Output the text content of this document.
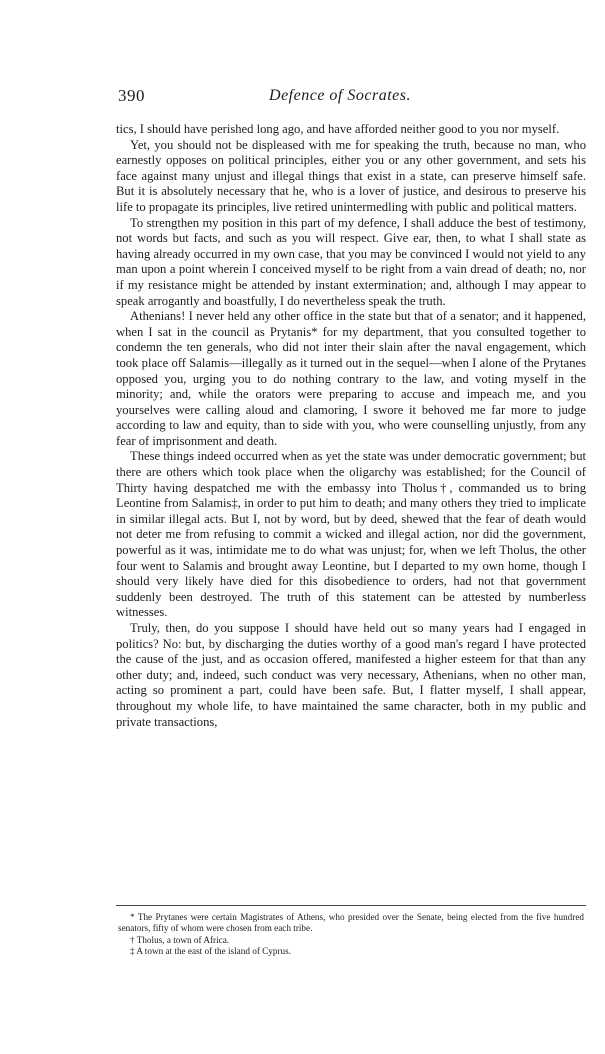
390	Defence of Socrates.

tics, I should have perished long ago, and have afforded neither good to you nor myself.

Yet, you should not be displeased with me for speaking the truth, because no man, who earnestly opposes on political principles, either you or any other government, and sets his face against many unjust and illegal things that exist in a state, can preserve himself safe. But it is absolutely necessary that he, who is a lover of justice, and desirous to preserve his life to propagate its principles, live retired unintermedling with public and political matters.

To strengthen my position in this part of my defence, I shall adduce the best of testimony, not words but facts, and such as you will respect. Give ear, then, to what I shall state as having already occurred in my own case, that you may be convinced I would not yield to any man upon a point wherein I conceived myself to be right from a vain dread of death; no, nor if my resistance might be attended by instant extermination; and, although I may appear to speak arrogantly and boastfully, I do nevertheless speak the truth.

Athenians! I never held any other office in the state but that of a senator; and it happened, when I sat in the council as Prytanis* for my department, that you consulted together to condemn the ten generals, who did not inter their slain after the naval engagement, which took place off Salamis—illegally as it turned out in the sequel—when I alone of the Prytanes opposed you, urging you to do nothing contrary to the law, and voting myself in the minority; and, while the orators were preparing to accuse and impeach me, and you yourselves were calling aloud and clamoring, I swore it behoved me far more to judge according to law and equity, than to side with you, who were counselling unjustly, from any fear of imprisonment and death.

These things indeed occurred when as yet the state was under democratic government; but there are others which took place when the oligarchy was established; for the Council of Thirty having despatched me with the embassy into Tholus†, commanded us to bring Leontine from Salamis‡, in order to put him to death; and many others they tried to implicate in similar illegal acts. But I, not by word, but by deed, shewed that the fear of death would not deter me from refusing to commit a wicked and illegal action, nor did the government, powerful as it was, intimidate me to do what was unjust; for, when we left Tholus, the other four went to Salamis and brought away Leontine, but I departed to my own home, though I should very likely have died for this disobedience to orders, had not that government suddenly been destroyed. The truth of this statement can be attested by numberless witnesses.

Truly, then, do you suppose I should have held out so many years had I engaged in politics? No: but, by discharging the duties worthy of a good man's regard I have protected the cause of the just, and as occasion offered, manifested a higher esteem for that than any other duty; and, indeed, such conduct was very necessary, Athenians, when no other man, acting so prominent a part, could have been safe. But, I flatter myself, I shall appear, throughout my whole life, to have maintained the same character, both in my public and private transactions,

* The Prytanes were certain Magistrates of Athens, who presided over the Senate, being elected from the five hundred senators, fifty of whom were chosen from each tribe.

† Tholus, a town of Africa.

‡ A town at the east of the island of Cyprus.
